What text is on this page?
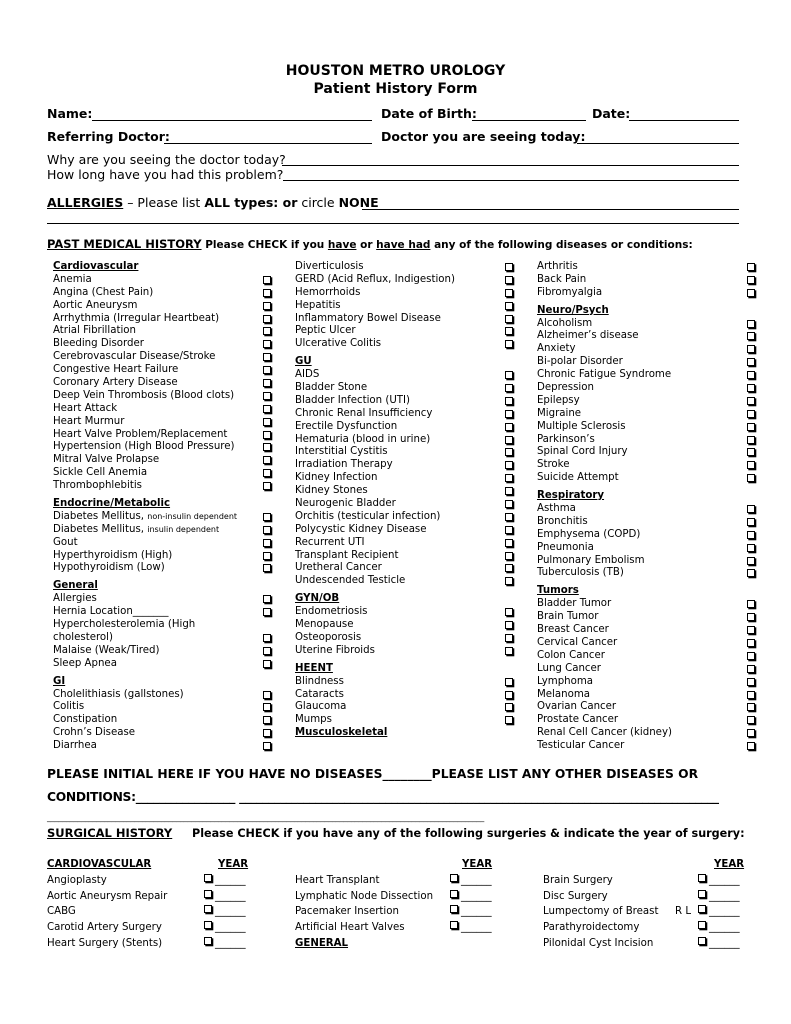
HOUSTON METRO UROLOGY
Patient History Form
Name:	Date of Birth:	Date:
Referring Doctor:	Doctor you are seeing today:
Why are you seeing the doctor today?
How long have you had this problem?
ALLERGIES – Please list ALL types: or circle NONE
PAST MEDICAL HISTORY Please CHECK if you have or have had any of the following diseases or conditions:
Cardiovascular
Anemia
Angina (Chest Pain)
Aortic Aneurysm
Arrhythmia (Irregular Heartbeat)
Atrial Fibrillation
Bleeding Disorder
Cerebrovascular Disease/Stroke
Congestive Heart Failure
Coronary Artery Disease
Deep Vein Thrombosis (Blood clots)
Heart Attack
Heart Murmur
Heart Valve Problem/Replacement
Hypertension (High Blood Pressure)
Mitral Valve Prolapse
Sickle Cell Anemia
Thrombophlebitis
Endocrine/Metabolic
Diabetes Mellitus, non-insulin dependent
Diabetes Mellitus, insulin dependent
Gout
Hyperthyroidism (High)
Hypothyroidism (Low)
General
Allergies
Hernia Location_______
Hypercholesterolemia (High
cholesterol)
Malaise (Weak/Tired)
Sleep Apnea
GI
Cholelithiasis (gallstones)
Colitis
Constipation
Crohn’s Disease
Diarrhea
Diverticulosis
GERD (Acid Reflux, Indigestion)
Hemorrhoids
Hepatitis
Inflammatory Bowel Disease
Peptic Ulcer
Ulcerative Colitis
GU
AIDS
Bladder Stone
Bladder Infection (UTI)
Chronic Renal Insufficiency
Erectile Dysfunction
Hematuria (blood in urine)
Interstitial Cystitis
Irradiation Therapy
Kidney Infection
Kidney Stones
Neurogenic Bladder
Orchitis (testicular infection)
Polycystic Kidney Disease
Recurrent UTI
Transplant Recipient
Uretheral Cancer
Undescended Testicle
GYN/OB
Endometriosis
Menopause
Osteoporosis
Uterine Fibroids
HEENT
Blindness
Cataracts
Glaucoma
Mumps
Musculoskeletal
Arthritis
Back Pain
Fibromyalgia
Neuro/Psych
Alcoholism
Alzheimer’s disease
Anxiety
Bi-polar Disorder
Chronic Fatigue Syndrome
Depression
Epilepsy
Migraine
Multiple Sclerosis
Parkinson’s
Spinal Cord Injury
Stroke
Suicide Attempt
Respiratory
Asthma
Bronchitis
Emphysema (COPD)
Pneumonia
Pulmonary Embolism
Tuberculosis (TB)
Tumors
Bladder Tumor
Brain Tumor
Breast Cancer
Cervical Cancer
Colon Cancer
Lung Cancer
Lymphoma
Melanoma
Ovarian Cancer
Prostate Cancer
Renal Cell Cancer (kidney)
Testicular Cancer
PLEASE INITIAL HERE IF YOU HAVE NO DISEASES________PLEASE LIST ANY OTHER DISEASES OR
CONDITIONS:_________________ __________________________________________________________________________________
___________________________________________________________________________________________________________________
SURGICAL HISTORY Please CHECK if you have any of the following surgeries & indicate the year of surgery:
CARDIOVASCULAR	YEAR
Angioplasty	______
Aortic Aneurysm Repair	______
CABG	______
Carotid Artery Surgery	______
Heart Surgery (Stents)	______
YEAR
Heart Transplant	______
Lymphatic Node Dissection	______
Pacemaker Insertion	______
Artificial Heart Valves	______
GENERAL
YEAR
Brain Surgery	______
Disc Surgery	______
Lumpectomy of Breast R L ______
Parathyroidectomy	______
Pilonidal Cyst Incision	______
